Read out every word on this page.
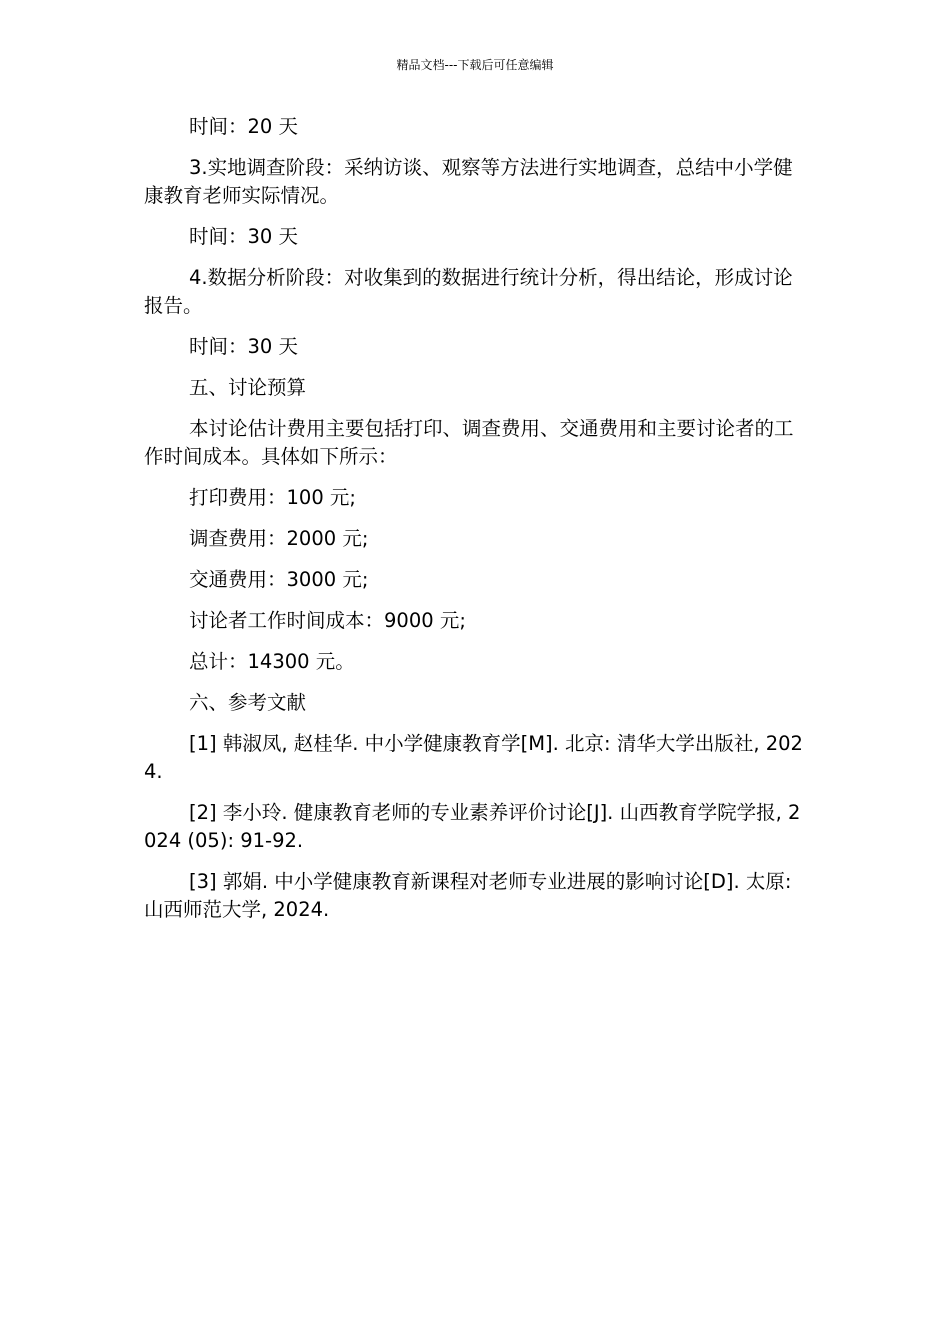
精品文档---下载后可任意编辑

时间：20 天

3.实地调查阶段：采纳访谈、观察等方法进行实地调查，总结中小学健康教育老师实际情况。

时间：30 天

4.数据分析阶段：对收集到的数据进行统计分析，得出结论，形成讨论报告。

时间：30 天

五、讨论预算

本讨论估计费用主要包括打印、调查费用、交通费用和主要讨论者的工作时间成本。具体如下所示：

打印费用：100 元;

调查费用：2000 元;

交通费用：3000 元;

讨论者工作时间成本：9000 元;

总计：14300 元。

六、参考文献

[1] 韩淑凤, 赵桂华. 中小学健康教育学[M]. 北京: 清华大学出版社, 2024.

[2] 李小玲. 健康教育老师的专业素养评价讨论[J]. 山西教育学院学报, 2024 (05): 91-92.

[3] 郭娟. 中小学健康教育新课程对老师专业进展的影响讨论[D]. 太原: 山西师范大学, 2024.
